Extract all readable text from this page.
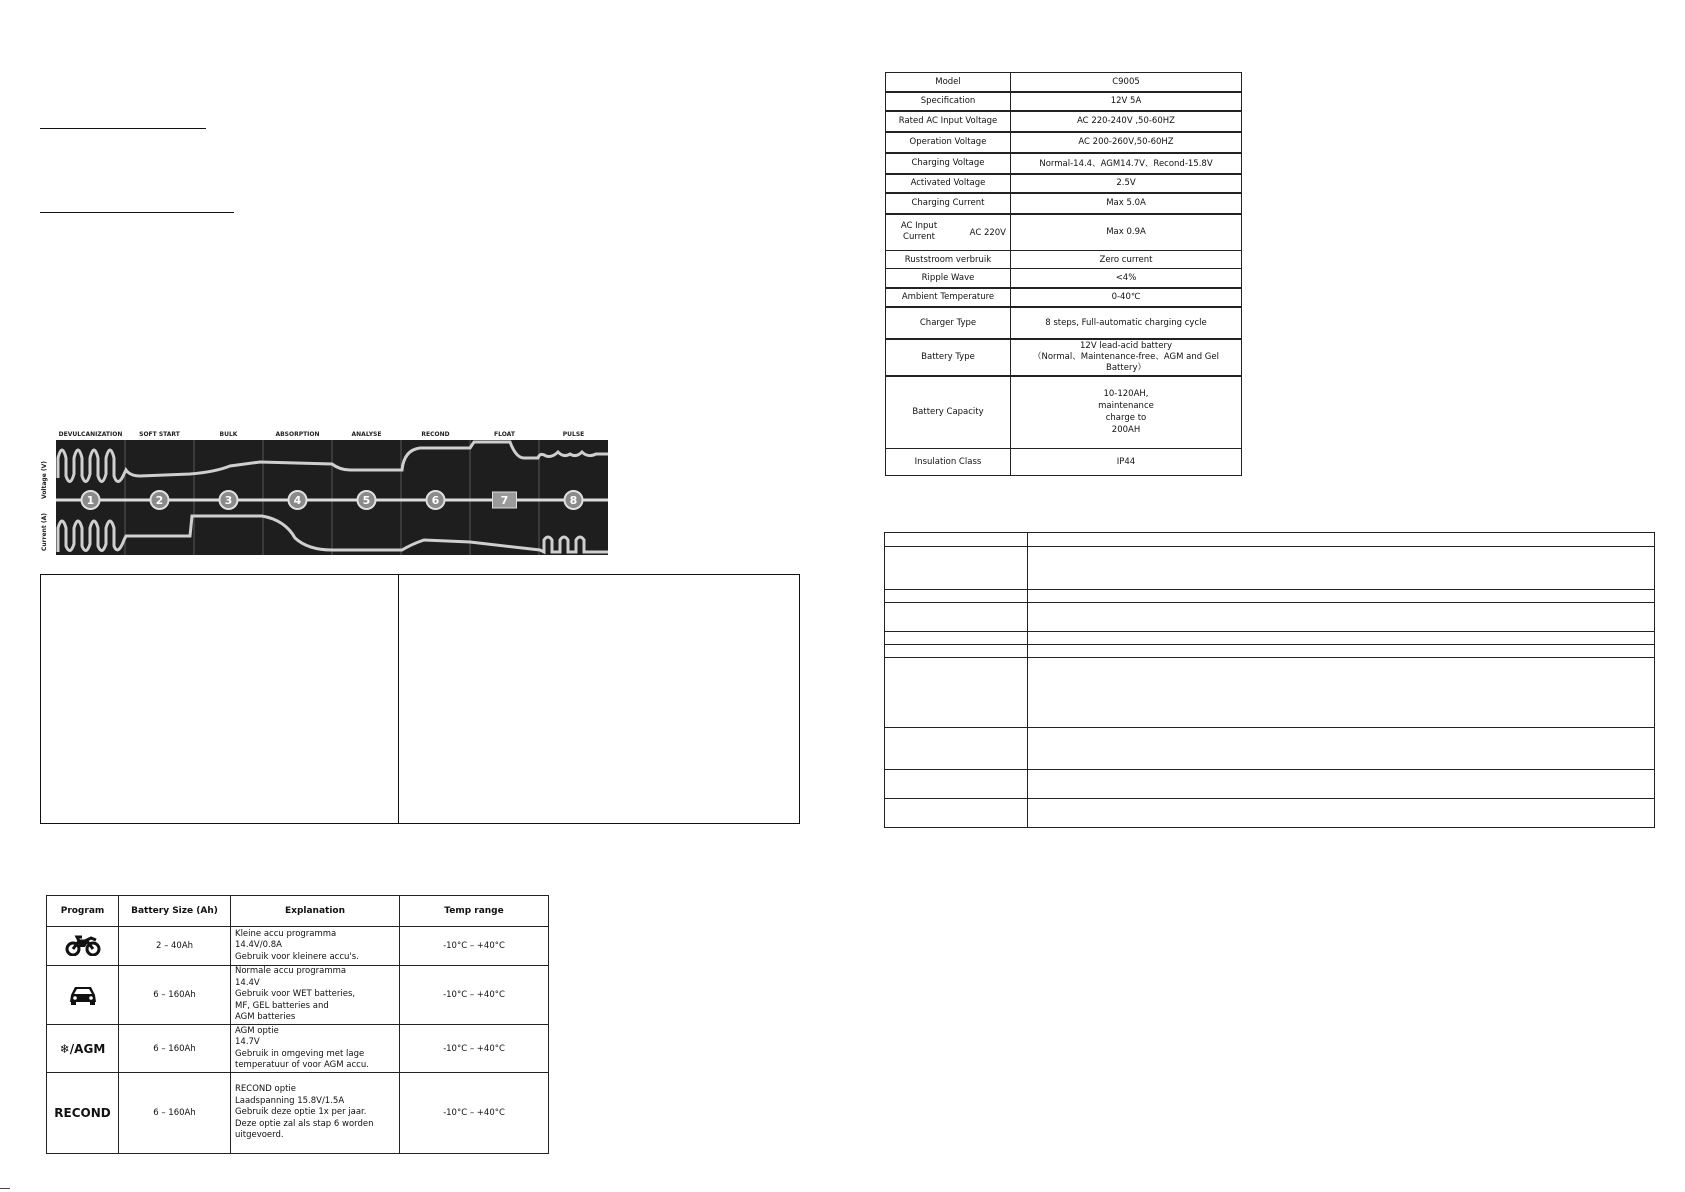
DEVULCANIZATION	SOFT START	BULK	ABSORPTION	ANALYSE	RECOND	FLOAT	PULSE
Voltage (V)
Current (A)
1	2	3	4	5	6	7	8
Program	Battery Size (Ah)	Explanation	Temp range
	2 – 40Ah	Kleine accu programma
14.4V/0.8A
Gebruik voor kleinere accu's.	-10°C – +40°C
	6 – 160Ah	Normale accu programma
14.4V
Gebruik voor WET batteries,
MF, GEL batteries and
AGM batteries	-10°C – +40°C
❄/AGM	6 – 160Ah	AGM optie
14.7V
Gebruik in omgeving met lage
temperatuur of voor AGM accu.	-10°C – +40°C
RECOND	6 – 160Ah	RECOND optie
Laadspanning 15.8V/1.5A
Gebruik deze optie 1x per jaar.
Deze optie zal als stap 6 worden
uitgevoerd.	-10°C – +40°C
Model	C9005
Specification	12V 5A
Rated AC Input Voltage	AC 220-240V ,50-60HZ
Operation Voltage	AC 200-260V,50-60HZ
Charging Voltage	Normal-14.4、AGM14.7V、Recond-15.8V
Activated Voltage	2.5V
Charging Current	Max 5.0A
AC Input Current AC 220V	Max 0.9A
Ruststroom verbruik	Zero current
Ripple Wave	<4%
Ambient Temperature	0-40℃
Charger Type	8 steps, Full-automatic charging cycle
Battery Type	12V lead-acid battery
（Normal、Maintenance-free、AGM and Gel Battery）

Battery Capacity	10-120AH,
maintenance
charge to
200AH

Insulation Class	IP44
